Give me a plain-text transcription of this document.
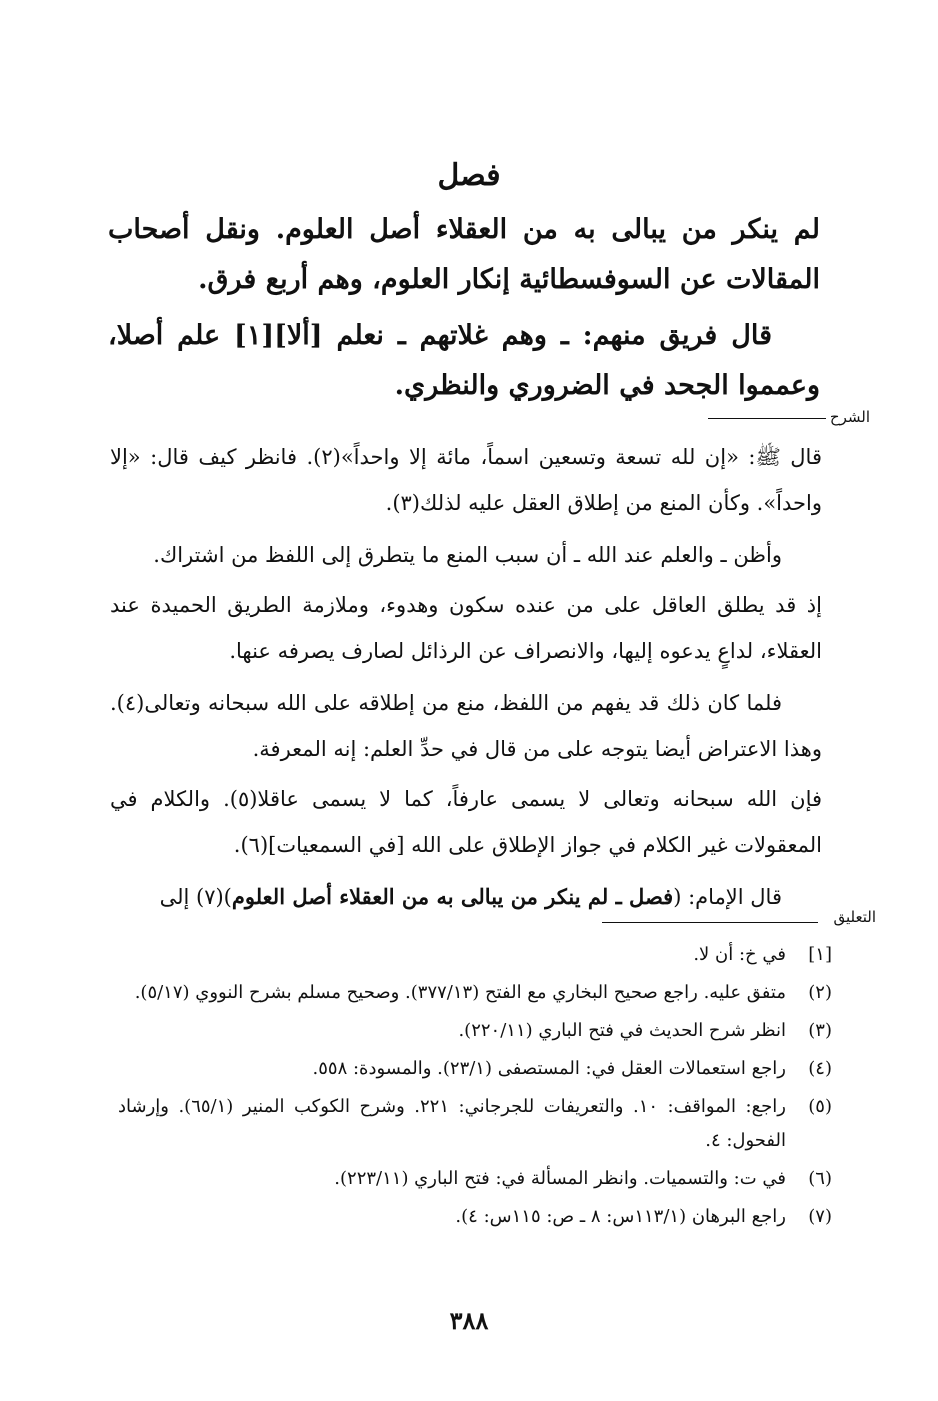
فصل

لم ينكر من يبالى به من العقلاء أصل العلوم. ونقل أصحاب المقالات عن السوفسطائية إنكار العلوم، وهم أربع فرق.

قال فريق منهم: ـ وهم غلاتهم ـ نعلم [ألا][١] علم أصلا، وعمموا الجحد في الضروري والنظري.

الشرح

قال ﷺ: «إن لله تسعة وتسعين اسماً، مائة إلا واحداً»(٢). فانظر كيف قال: «إلا واحداً». وكأن المنع من إطلاق العقل عليه لذلك(٣).

وأظن ـ والعلم عند الله ـ أن سبب المنع ما يتطرق إلى اللفظ من اشتراك.

إذ قد يطلق العاقل على من عنده سكون وهدوء، وملازمة الطريق الحميدة عند العقلاء، لداعٍ يدعوه إليها، والانصراف عن الرذائل لصارف يصرفه عنها.

فلما كان ذلك قد يفهم من اللفظ، منع من إطلاقه على الله سبحانه وتعالى(٤). وهذا الاعتراض أيضا يتوجه على من قال في حدِّ العلم: إنه المعرفة.

فإن الله سبحانه وتعالى لا يسمى عارفاً، كما لا يسمى عاقلا(٥). والكلام في المعقولات غير الكلام في جواز الإطلاق على الله [في السمعيات](٦).

قال الإمام: (فصل ـ لم ينكر من يبالى به من العقلاء أصل العلوم)(٧) إلى

التعليق
[١]
في خ: أن لا.
(٢)
متفق عليه. راجع صحيح البخاري مع الفتح (٣٧٧/١٣). وصحيح مسلم بشرح النووي (٥/١٧).
(٣)
انظر شرح الحديث في فتح الباري (٢٢٠/١١).
(٤)
راجع استعمالات العقل في: المستصفى (٢٣/١). والمسودة: ٥٥٨.
(٥)
راجع: المواقف: ١٠. والتعريفات للجرجاني: ٢٢١. وشرح الكوكب المنير (٦٥/١). وإرشاد الفحول: ٤.
(٦)
في ت: والتسميات. وانظر المسألة في: فتح الباري (٢٢٣/١١).
(٧)
راجع البرهان (١١٣/١س: ٨ ـ ص: ١١٥س: ٤).
٣٨٨
